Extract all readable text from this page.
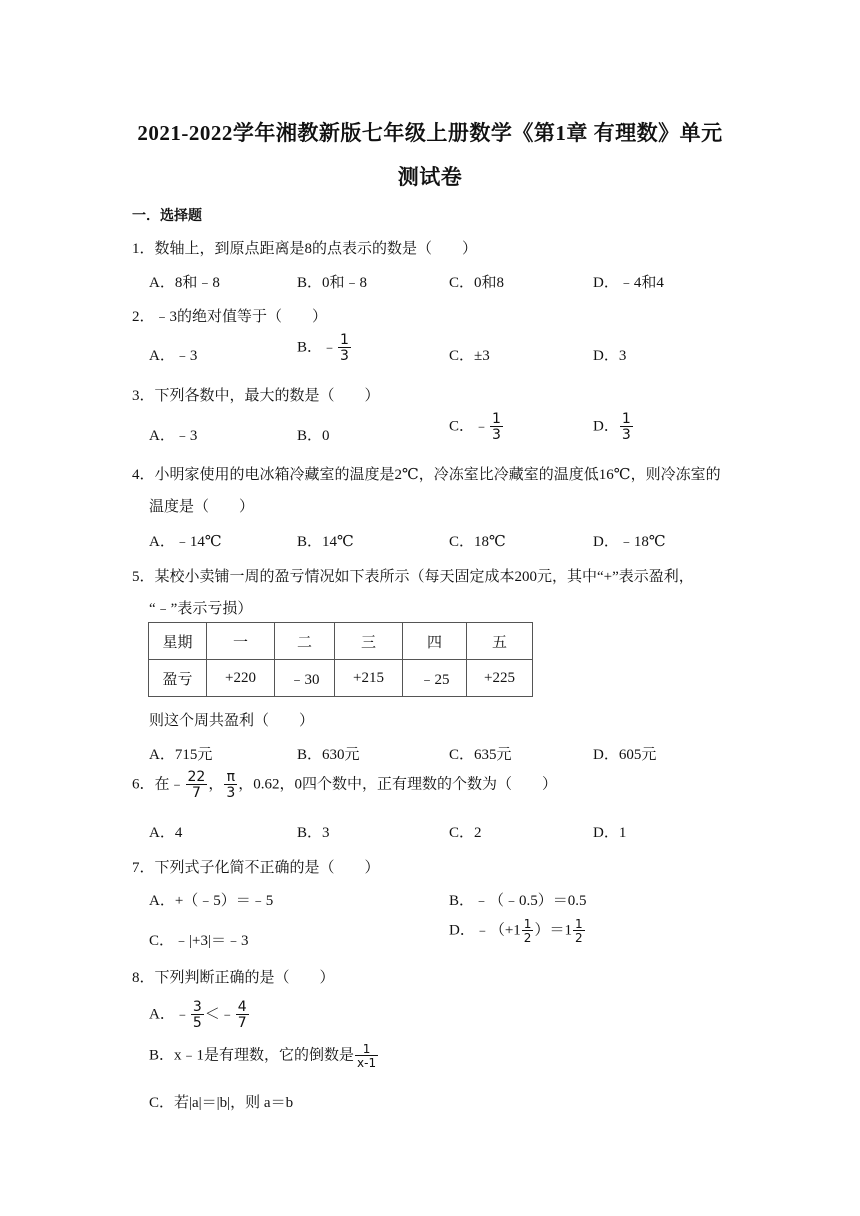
2021-2022学年湘教新版七年级上册数学《第1章 有理数》单元
测试卷
一．选择题
1．数轴上，到原点距离是8的点表示的数是（　　）
A．8和﹣8	B．0和﹣8	C．0和8	D．﹣4和4
2．﹣3的绝对值等于（　　）
A．﹣3
B．﹣ $\frac{1}{3}$	C．±3	D．3
3．下列各数中，最大的数是（　　）
A．﹣3	B．0
C．﹣ $\frac{1}{3}$	D． $\frac{1}{3}$
4．小明家使用的电冰箱冷藏室的温度是2℃，冷冻室比冷藏室的温度低16℃，则冷冻室的
温度是（　　）
A．﹣14℃	B．14℃	C．18℃	D．﹣18℃
5．某校小卖铺一周的盈亏情况如下表所示（每天固定成本200元，其中“+”表示盈利，
“﹣”表示亏损）
星期	一	二	三	四	五
盈亏	+220	﹣30	+215	﹣25	+225
则这个周共盈利（　　）
A．715元	B．630元	C．635元	D．605元
6．在﹣ $\frac{22}{7}$ ， $\frac{\pi}{3}$ ，0.62，0四个数中，正有理数的个数为（　　）
A．4	B．3	C．2	D．1
7．下列式子化简不正确的是（　　）
A．+（﹣5）＝﹣5	B．﹣（﹣0.5）＝0.5
C．﹣|+3|＝﹣3
D．﹣（+1 $\frac{1}{2} )=1 \frac{1}{2}$
8．下列判断正确的是（　　）
A．﹣ $\frac{3}{5}$ ＜﹣ $\frac{4}{7}$
B．x﹣1是有理数，它的倒数是 $\frac{1}{x-1}$
C．若|a|＝|b|，则 a＝b
